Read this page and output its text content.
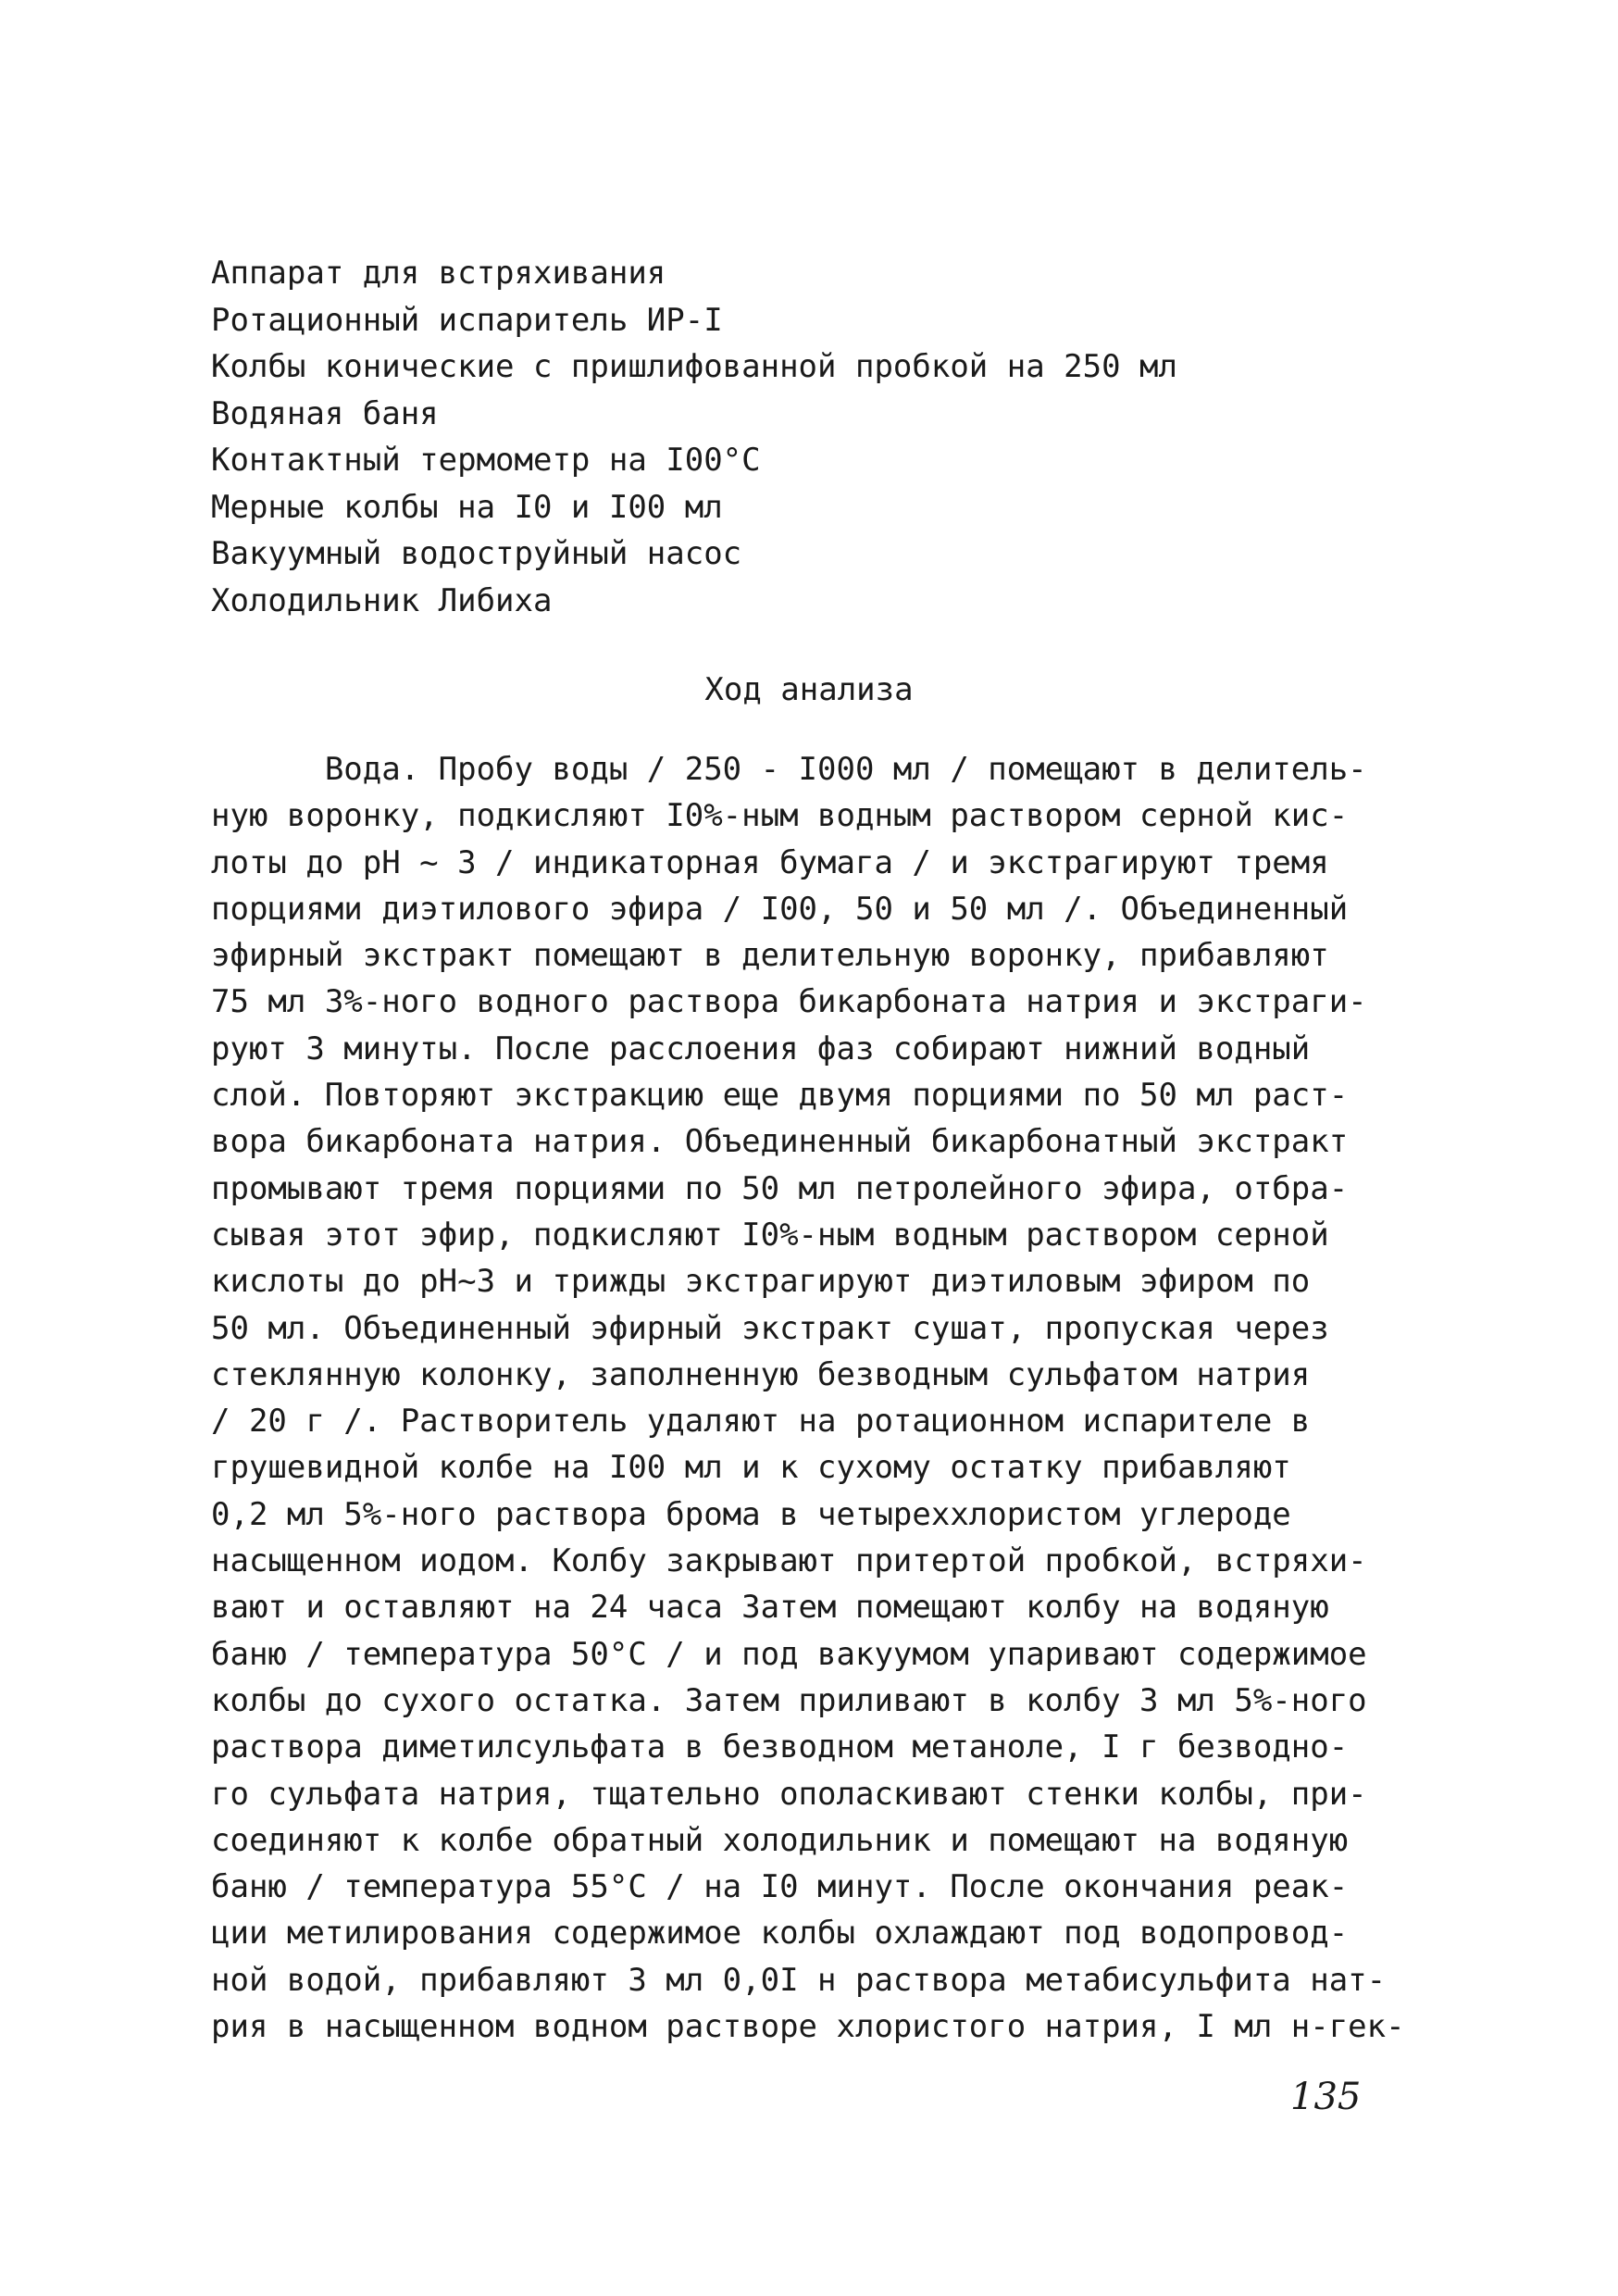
Аппарат для встряхивания
Ротационный испаритель ИР-I
Колбы конические с пришлифованной пробкой на 250 мл
Водяная баня
Контактный термометр на I00°С
Мерные колбы на I0 и I00 мл
Вакуумный водоструйный насос
Холодильник Либиха
Ход анализа
Вода. Пробу воды / 250 - I000 мл / помещают в делитель-
ную воронку, подкисляют I0%-ным водным раствором серной кис-
лоты до рН ~ 3 / индикаторная бумага / и экстрагируют тремя
порциями диэтилового эфира / I00, 50 и 50 мл /. Объединенный
эфирный экстракт помещают в делительную воронку, прибавляют
75 мл 3%-ного водного раствора бикарбоната натрия и экстраги-
руют 3 минуты. После расслоения фаз собирают нижний водный
слой. Повторяют экстракцию еще двумя порциями по 50 мл раст-
вора бикарбоната натрия. Объединенный бикарбонатный экстракт
промывают тремя порциями по 50 мл петролейного эфира, отбра-
сывая этот эфир, подкисляют I0%-ным водным раствором серной
кислоты до рН~3 и трижды экстрагируют диэтиловым эфиром по
50 мл. Объединенный эфирный экстракт сушат, пропуская через
стеклянную колонку, заполненную безводным сульфатом натрия
/ 20 г /. Растворитель удаляют на ротационном испарителе в
грушевидной колбе на I00 мл и к сухому остатку прибавляют
0,2 мл 5%-ного раствора брома в четыреххлористом углероде
насыщенном иодом. Колбу закрывают притертой пробкой, встряхи-
вают и оставляют на 24 часа Затем помещают колбу на водяную
баню / температура 50°С / и под вакуумом упаривают содержимое
колбы до сухого остатка. Затем приливают в колбу 3 мл 5%-ного
раствора диметилсульфата в безводном метаноле, I г безводно-
го сульфата натрия, тщательно ополаскивают стенки колбы, при-
соединяют к колбе обратный холодильник и помещают на водяную
баню / температура 55°С / на I0 минут. После окончания реак-
ции метилирования содержимое колбы охлаждают под водопровод-
ной водой, прибавляют 3 мл 0,0I н раствора метабисульфита нат-
рия в насыщенном водном растворе хлористого натрия, I мл н-гек-
135
